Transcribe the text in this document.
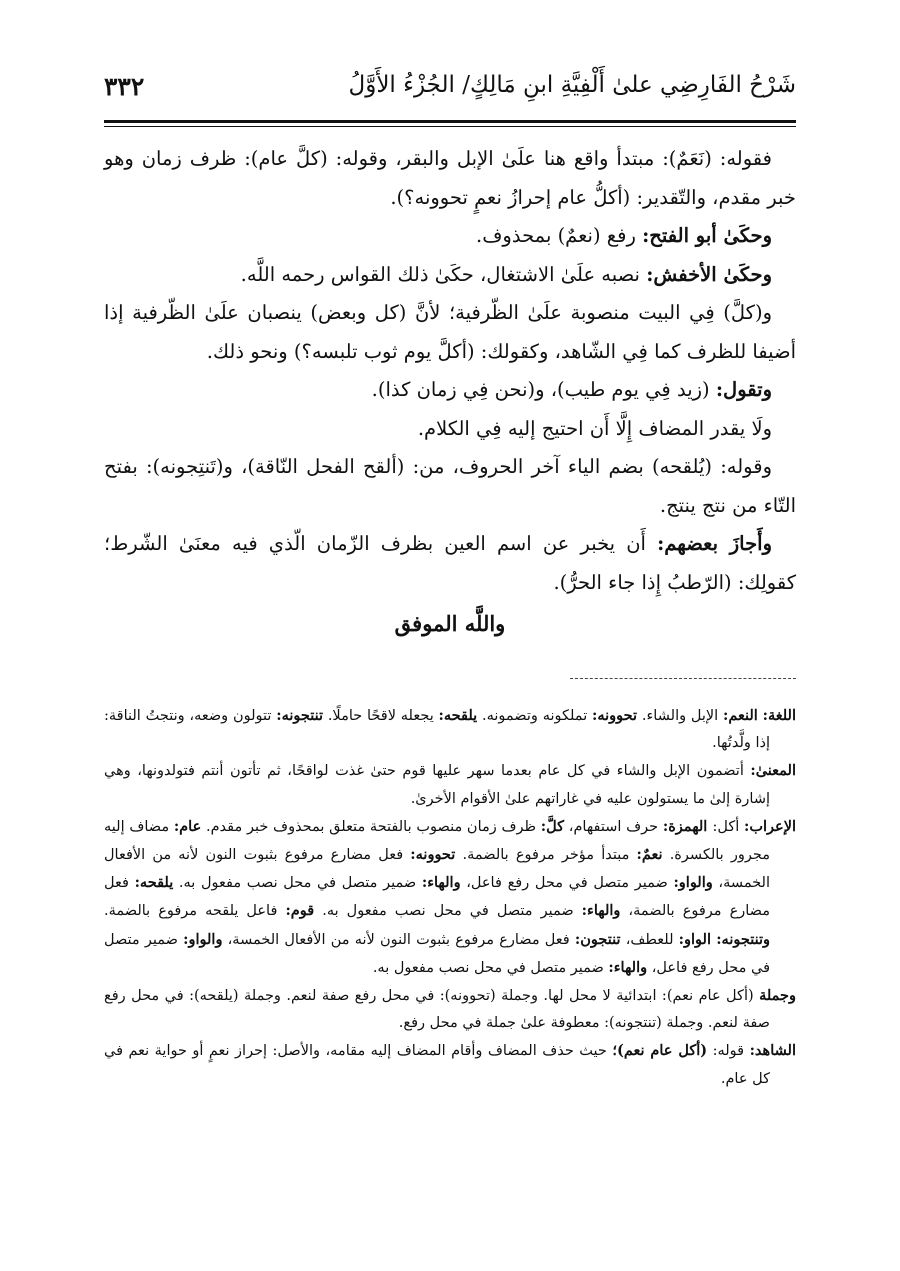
شَرْحُ الفَارِضِي علىٰ أَلْفِيَّةِ ابنِ مَالِكٍ/ الجُزْءُ الأَوَّلُ
٣٣٢
فقوله: (نَعَمٌ): مبتدأ واقع هنا علَىٰ الإبل والبقر، وقوله: (كلَّ عام): ظرف زمان وهو خبر مقدم، والتّقدير: (أكلُّ عام إحرازُ نعمٍ تحوونه؟).
وحكَىٰ أبو الفتح: رفع (نعمٌ) بمحذوف.
وحكَىٰ الأخفش: نصبه علَىٰ الاشتغال، حكَىٰ ذلك القواس رحمه اللَّه.
و(كلَّ) فِي البيت منصوبة علَىٰ الظّرفية؛ لأنَّ (كل وبعض) ينصبان علَىٰ الظّرفية إذا أضيفا للظرف كما فِي الشّاهد، وكقولك: (أكلَّ يوم ثوب تلبسه؟) ونحو ذلك.
وتقول: (زيد فِي يوم طيب)، و(نحن فِي زمان كذا).
ولَا يقدر المضاف إِلَّا أَن احتيج إليه فِي الكلام.
وقوله: (يُلقحه) بضم الياء آخر الحروف، من: (ألقح الفحل النّاقة)، و(تَنتِجونه): بفتح التّاء من نتج ينتج.
وأَجازَ بعضهم: أَن يخبر عن اسم العين بظرف الزّمان الّذي فيه معنَىٰ الشّرط؛ كقولِك: (الرّطبُ إِذا جاء الحرُّ).
واللَّه الموفق
اللغة: النعم: الإبل والشاء. تحوونه: تملكونه وتضمونه. يلقحه: يجعله لاقحًا حاملًا. تنتجونه: تتولون وضعه، ونتجتُ الناقة: إذا ولَّدتُها.
المعنىٰ: أتضمون الإبل والشاء في كل عام بعدما سهر عليها قوم حتىٰ غذت لواقحًا، ثم تأتون أنتم فتولدونها، وهي إشارة إلىٰ ما يستولون عليه في غاراتهم علىٰ الأقوام الأخرىٰ.
الإعراب: أكل: الهمزة: حرف استفهام، كلَّ: ظرف زمان منصوب بالفتحة متعلق بمحذوف خبر مقدم. عام: مضاف إليه مجرور بالكسرة. نعمٌ: مبتدأ مؤخر مرفوع بالضمة. تحوونه: فعل مضارع مرفوع بثبوت النون لأنه من الأفعال الخمسة، والواو: ضمير متصل في محل رفع فاعل، والهاء: ضمير متصل في محل نصب مفعول به. يلقحه: فعل مضارع مرفوع بالضمة، والهاء: ضمير متصل في محل نصب مفعول به. قوم: فاعل يلقحه مرفوع بالضمة. وتنتجونه: الواو: للعطف، تنتجون: فعل مضارع مرفوع بثبوت النون لأنه من الأفعال الخمسة، والواو: ضمير متصل في محل رفع فاعل، والهاء: ضمير متصل في محل نصب مفعول به.
وجملة (أكل عام نعم): ابتدائية لا محل لها. وجملة (تحوونه): في محل رفع صفة لنعم. وجملة (يلقحه): في محل رفع صفة لنعم. وجملة (تنتجونه): معطوفة علىٰ جملة في محل رفع.
الشاهد: قوله: (أكل عام نعم)؛ حيث حذف المضاف وأقام المضاف إليه مقامه، والأصل: إحراز نعمٍ أو حواية نعم في كل عام.
